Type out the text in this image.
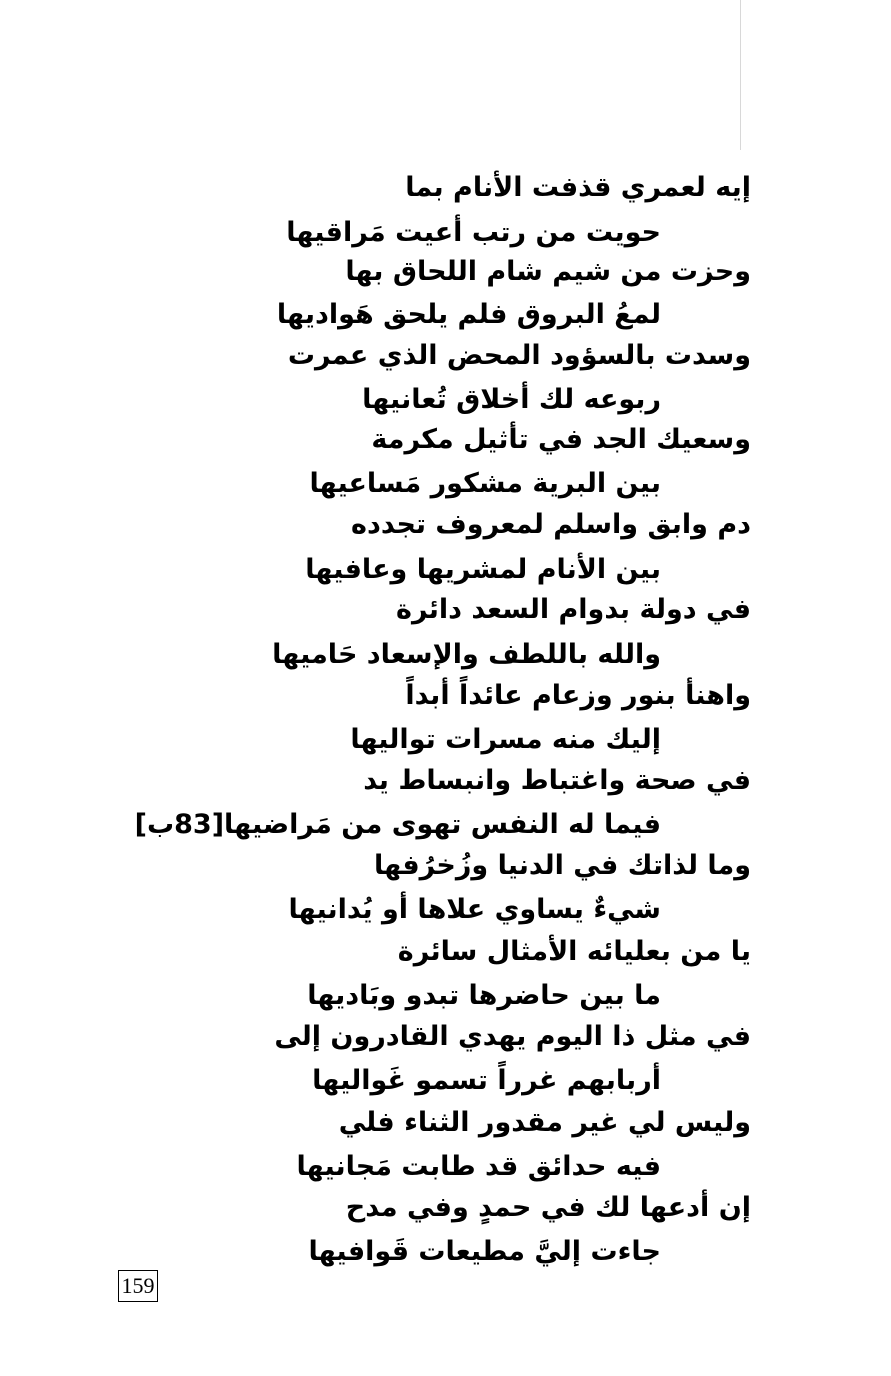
إيه لعمري قذفت الأنام بما
حويت من رتب أعيت مَراقيها
وحزت من شيم شام اللحاق بها
لمعُ البروق فلم يلحق هَواديها
وسدت بالسؤود المحض الذي عمرت
ربوعه لك أخلاق تُعانيها
وسعيك الجد في تأثيل مكرمة
بين البرية مشكور مَساعيها
دم وابق واسلم لمعروف تجدده
بين الأنام لمشريها وعافيها
في دولة بدوام السعد دائرة
والله باللطف والإسعاد حَاميها
واهنأ بنور وزعام عائداً أبداً
إليك منه مسرات تواليها
في صحة واغتباط وانبساط يد
فيما له النفس تهوى من مَراضيها[83ب]
وما لذاتك في الدنيا وزُخرُفها
شيءٌ يساوي علاها أو يُدانيها
يا من بعليائه الأمثال سائرة
ما بين حاضرها تبدو وبَاديها
في مثل ذا اليوم يهدي القادرون إلى
أربابهم غرراً تسمو غَواليها
وليس لي غير مقدور الثناء فلي
فيه حدائق قد طابت مَجانيها
إن أدعها لك في حمدٍ وفي مدح
جاءت إليَّ مطيعات قَوافيها
159
